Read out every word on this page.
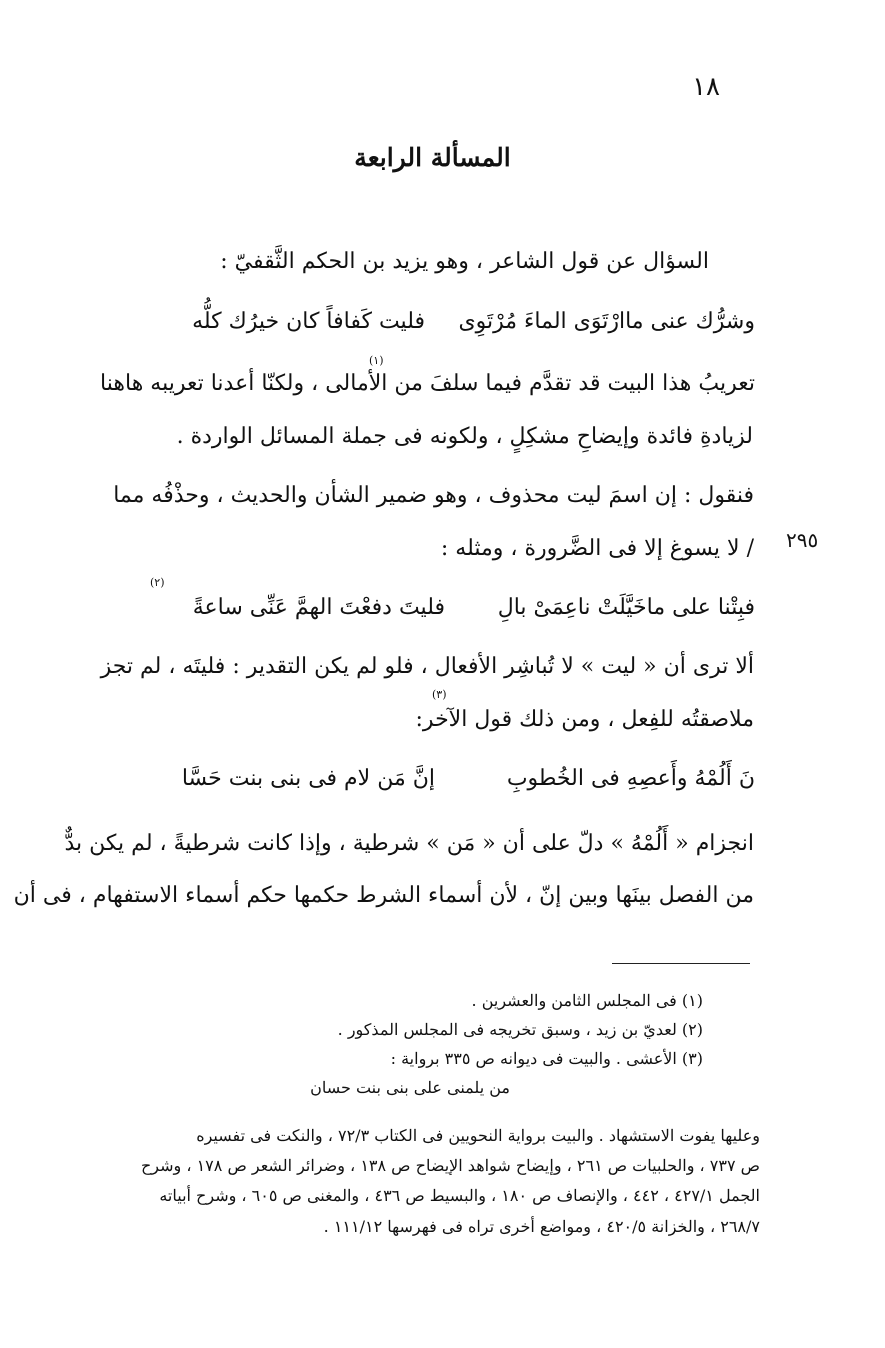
١٨
المسألة الرابعة
السؤال عن قول الشاعر ، وهو يزيد بن الحكم الثَّقفيّ :
فليت كَفافاً كان خيرُك كلُّه وشرُّك عنى ماارْتَوَى الماءَ مُرْتَوِى
(١)
تعريبُ هذا البيت قد تقدَّم فيما سلفَ من الأمالى ، ولكنّا أعدنا تعريبه هاهنا
لزيادةِ فائدة وإيضاحِ مشكِلٍ ، ولكونه فى جملة المسائل الواردة .
فنقول : إن اسمَ ليت محذوف ، وهو ضمير الشأن والحديث ، وحذْفُه مما
٢٩٥
/ لا يسوغ إلا فى الضَّرورة ، ومثله :
فليتَ دفعْتَ الهمَّ عَنِّى ساعةً
(٢)
فبِتْنا على ماخَيَّلَتْ ناعِمَىْ بالِ
ألا ترى أن « ليت » لا تُباشِر الأفعال ، فلو لم يكن التقدير : فليتَه ، لم تجز
(٣)
ملاصقتُه للفِعل ، ومن ذلك قول الآخر:
إنَّ مَن لام فى بنى بنت حَسَّا	نَ أَلُمْهُ وأَعصِهِ فى الخُطوبِ
انجزام « أَلُمْهُ » دلّ على أن « مَن » شرطية ، وإذا كانت شرطيةً ، لم يكن بدٌّ
من الفصل بينَها وبين إنّ ، لأن أسماء الشرط حكمها حكم أسماء الاستفهام ، فى أن
(١) فى المجلس الثامن والعشرين .
(٢) لعديّ بن زيد ، وسبق تخريجه فى المجلس المذكور .
(٣) الأعشى . والبيت فى ديوانه ص ٣٣٥ برواية :
من يلمنى على بنى بنت حسان
وعليها يفوت الاستشهاد . والبيت برواية النحويين فى الكتاب ٧٢/٣ ، والنكت فى تفسيره
ص ٧٣٧ ، والحلبيات ص ٢٦١ ، وإيضاح شواهد الإيضاح ص ١٣٨ ، وضرائر الشعر ص ١٧٨ ، وشرح
الجمل ٤٢٧/١ ، ٤٤٢ ، والإنصاف ص ١٨٠ ، والبسيط ص ٤٣٦ ، والمغنى ص ٦٠٥ ، وشرح أبياته
٢٦٨/٧ ، والخزانة ٤٢٠/٥ ، ومواضع أخرى تراه فى فهرسها ١١١/١٢ .
